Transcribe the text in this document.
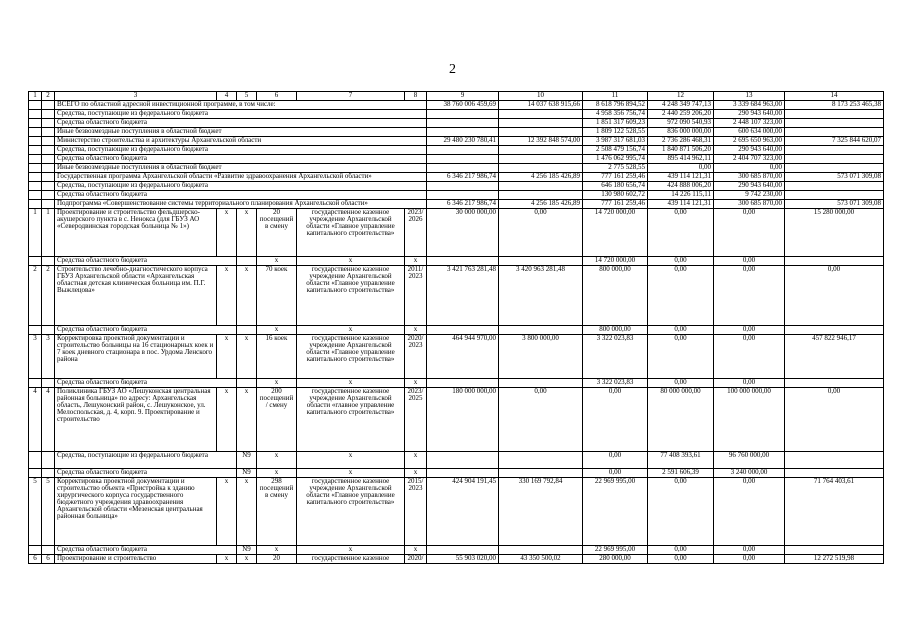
2
1	2	3	4	5	6	7	8	9	10	11	12	13	14
		ВСЕГО по областной адресной инвестиционной программе, в том числе:						38 760 006 459,69	14 037 638 915,66	8 618 796 894,52	4 248 349 747,13	3 339 684 963,00	8 173 253 465,38
		Средства, поступающие из федерального бюджета								4 958 356 756,74	2 440 259 206,20	290 943 640,00	
		Средства областного бюджета								1 851 317 609,23	972 090 540,93	2 448 107 323,00	
		Иные безвозмездные поступления в областной бюджет								1 809 122 528,55	836 000 000,00	600 634 000,00	
		Министерство строительства и архитектуры Архангельской области						29 480 230 780,41	12 392 848 574,00	3 987 317 681,03	2 736 286 468,31	2 695 650 963,00	7 325 844 620,07
		Средства, поступающие из федерального бюджета								2 508 479 156,74	1 840 871 506,20	290 943 640,00	
		Средства областного бюджета								1 476 062 995,74	895 414 962,11	2 404 707 323,00	
		Иные безвозмездные поступления в областной бюджет								2 775 528,55	0,00	0,00	
		Государственная программа Архангельской области «Развитие здравоохранения Архангельской области»						6 346 217 986,74	4 256 185 426,89	777 161 259,46	439 114 121,31	300 685 870,00	573 071 309,08
		Средства, поступающие из федерального бюджета								646 180 656,74	424 888 006,20	290 943 640,00	
		Средства областного бюджета								130 980 602,72	14 226 115,11	9 742 230,00	
		Подпрограмма «Совершенствование системы территориального планирования Архангельской области»						6 346 217 986,74	4 256 185 426,89	777 161 259,46	439 114 121,31	300 685 870,00	573 071 309,08
1	1	Проектирование и строительство фельдшерско-акушерского пункта в с. Ненокса (для ГБУЗ АО «Северодвинская городская больница № 1»)	x	x	20 посещений в смену	государственное казенное учреждение Архангельской области «Главное управление капитального строительства»	2023/ 2026	30 000 000,00	0,00	14 720 000,00	0,00	0,00	15 280 000,00
		Средства областного бюджета			x	x	x			14 720 000,00	0,00	0,00	
2	2	Строительство лечебно-диагностического корпуса ГБУЗ Архангельской области «Архангельская областная детская клиническая больница им. П.Г. Выжлецова»	x	x	70 коек	государственное казенное учреждение Архангельской области «Главное управление капитального строительства»	2011/ 2023	3 421 763 281,48	3 420 963 281,48	800 000,00	0,00	0,00	0,00
		Средства областного бюджета			x	x	x			800 000,00	0,00	0,00	
3	3	Корректировка проектной документации и строительство больницы на 16 стационарных коек и 7 коек дневного стационара в пос. Урдома Ленского района	x	x	16 коек	государственное казенное учреждение Архангельской области «Главное управление капитального строительства»	2020/ 2023	464 944 970,00	3 800 000,00	3 322 023,83	0,00	0,00	457 822 946,17
		Средства областного бюджета			x	x	x			3 322 023,83	0,00	0,00	
4	4	Поликлиника ГБУЗ АО «Лешуконская центральная районная больница» по адресу: Архангельская область, Лешуконский район, с. Лешуконское, ул. Мелоспольская, д. 4, корп. 9. Проектирование и строительство	x	x	200 посещений / смену	государственное казенное учреждение Архангельской области «главное управление капитального строительства»	2023/ 2025	180 000 000,00	0,00	0,00	80 000 000,00	100 000 000,00	0,00
		Средства, поступающие из федерального бюджета		N9	x	x	x			0,00	77 408 393,61	96 760 000,00	
		Средства областного бюджета		N9	x	x	x			0,00	2 591 606,39	3 240 000,00	
5	5	Корректировка проектной документации и строительство объекта «Пристройка к зданию хирургического корпуса государственного бюджетного учреждения здравоохранения Архангельской области «Мезенская центральная районная больница»	x	x	298 посещений в смену	государственное казенное учреждение Архангельской области «Главное управление капитального строительства»	2015/ 2023	424 904 191,45	330 169 792,84	22 969 995,00	0,00	0,00	71 764 403,61
		Средства областного бюджета		N9	x	x	x			22 969 995,00	0,00	0,00	
6	6	Проектирование и строительство	x	x	20	государственное казенное	2020/	55 903 020,00	43 350 500,02	280 000,00	0,00	0,00	12 272 519,98
